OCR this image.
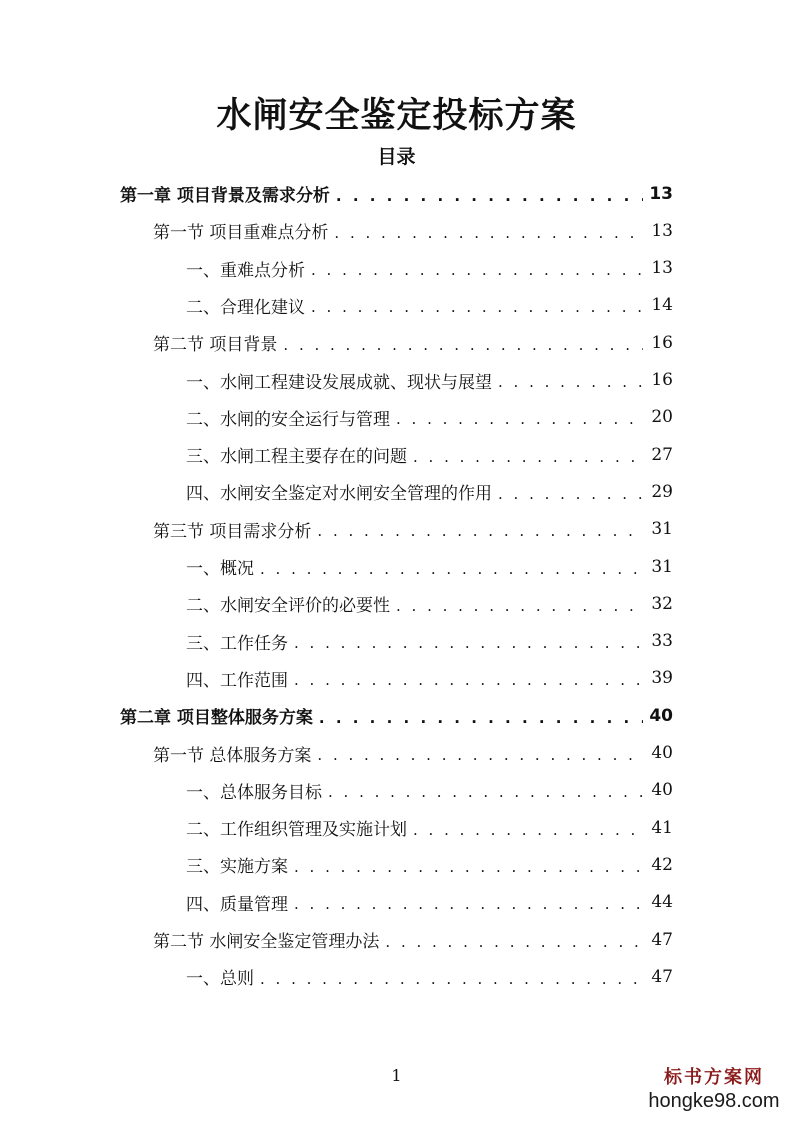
水闸安全鉴定投标方案
目录
第一章 项目背景及需求分析 . . .	13
第一节 项目重难点分析 . . .	13
一、重难点分析 . . .	13
二、合理化建议 . . .	14
第二节 项目背景 . . .	16
一、水闸工程建设发展成就、现状与展望 . . .	16
二、水闸的安全运行与管理 . . .	20
三、水闸工程主要存在的问题 . . .	27
四、水闸安全鉴定对水闸安全管理的作用 . . .	29
第三节 项目需求分析 . . .	31
一、概况 . . .	31
二、水闸安全评价的必要性 . . .	32
三、工作任务 . . .	33
四、工作范围 . . .	39
第二章 项目整体服务方案 . . .	40
第一节 总体服务方案 . . .	40
一、总体服务目标 . . .	40
二、工作组织管理及实施计划 . . .	41
三、实施方案 . . .	42
四、质量管理 . . .	44
第二节 水闸安全鉴定管理办法 . . .	47
一、总则 . . .	47
1	标书方案网
hongke98.com
